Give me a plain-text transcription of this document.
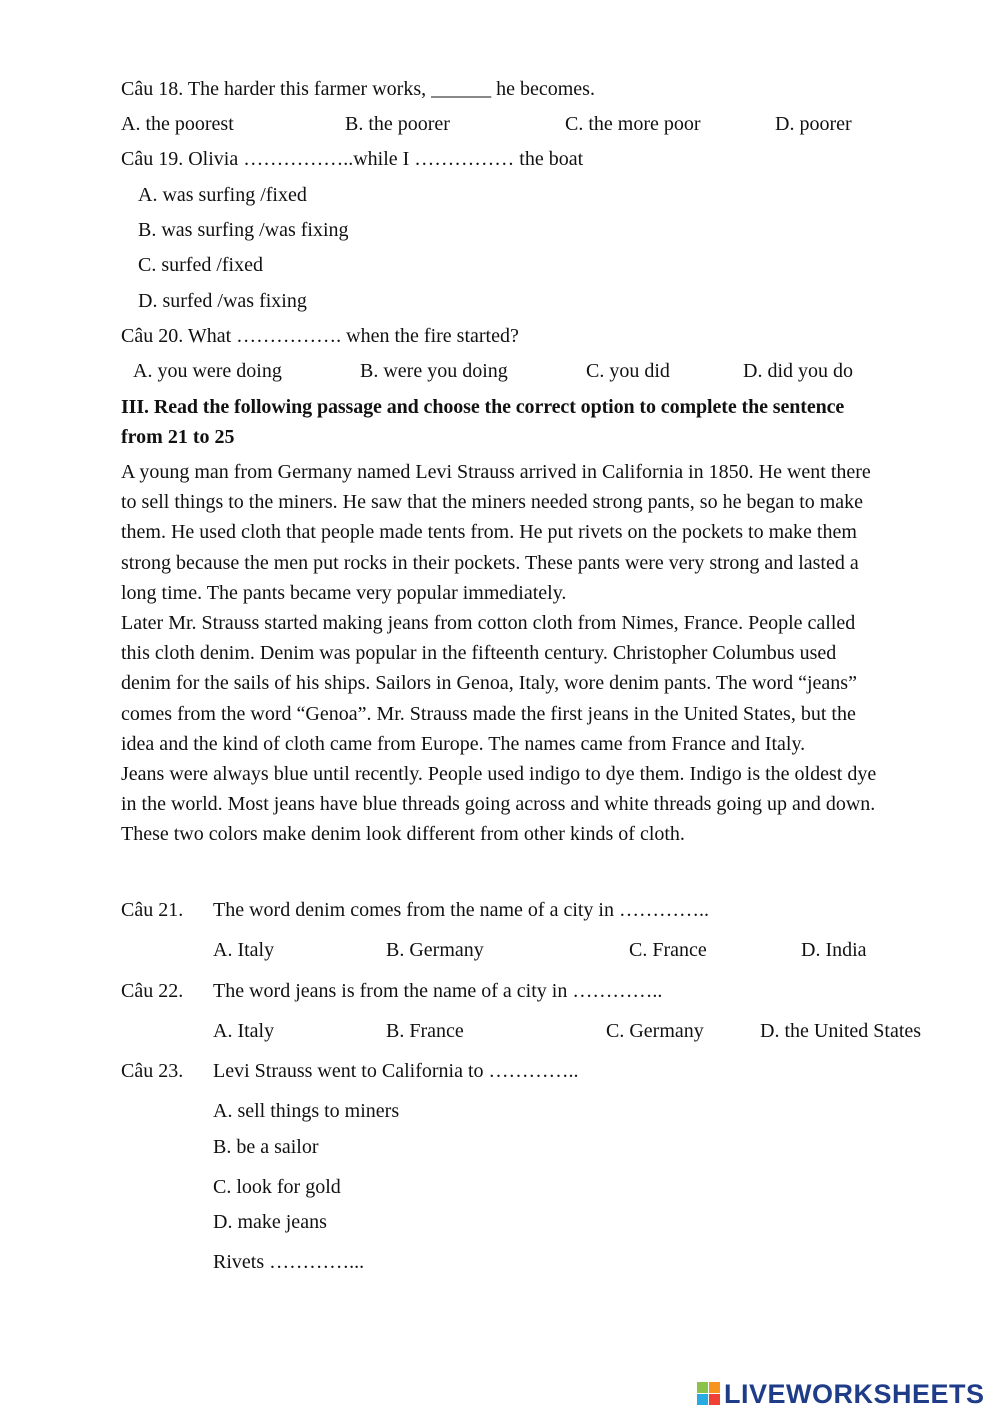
Câu 18. The harder this farmer works, ______ he becomes.
A. the poorest	B. the poorer	C. the more poor	D. poorer
Câu 19. Olivia ……………..while I …………… the boat
A. was surfing /fixed
B. was surfing /was fixing
C. surfed /fixed
D. surfed /was fixing
Câu 20. What ……………. when the fire started?
A. you were doing	B. were you doing	C. you did	D. did you do
III. Read the following passage and choose the correct option to complete the sentence
from 21 to 25
A young man from Germany named Levi Strauss arrived in California in 1850. He went there
to sell things to the miners. He saw that the miners needed strong pants, so he began to make
them. He used cloth that people made tents from. He put rivets on the pockets to make them
strong because the men put rocks in their pockets. These pants were very strong and lasted a
long time. The pants became very popular immediately.
Later Mr. Strauss started making jeans from cotton cloth from Nimes, France. People called
this cloth denim. Denim was popular in the fifteenth century. Christopher Columbus used
denim for the sails of his ships. Sailors in Genoa, Italy, wore denim pants. The word “jeans”
comes from the word “Genoa”. Mr. Strauss made the first jeans in the United States, but the
idea and the kind of cloth came from Europe. The names came from France and Italy.
Jeans were always blue until recently. People used indigo to dye them. Indigo is the oldest dye
in the world. Most jeans have blue threads going across and white threads going up and down.
These two colors make denim look different from other kinds of cloth.
Câu 21. The word denim comes from the name of a city in …………..
A. Italy	B. Germany	C. France	D. India
Câu 22. The word jeans is from the name of a city in …………..
A. Italy	B. France	C. Germany	D. the United States
Câu 23. Levi Strauss went to California to …………..
A. sell things to miners
B. be a sailor
C. look for gold
D. make jeans
Rivets …………...
LIVEWORKSHEETS
